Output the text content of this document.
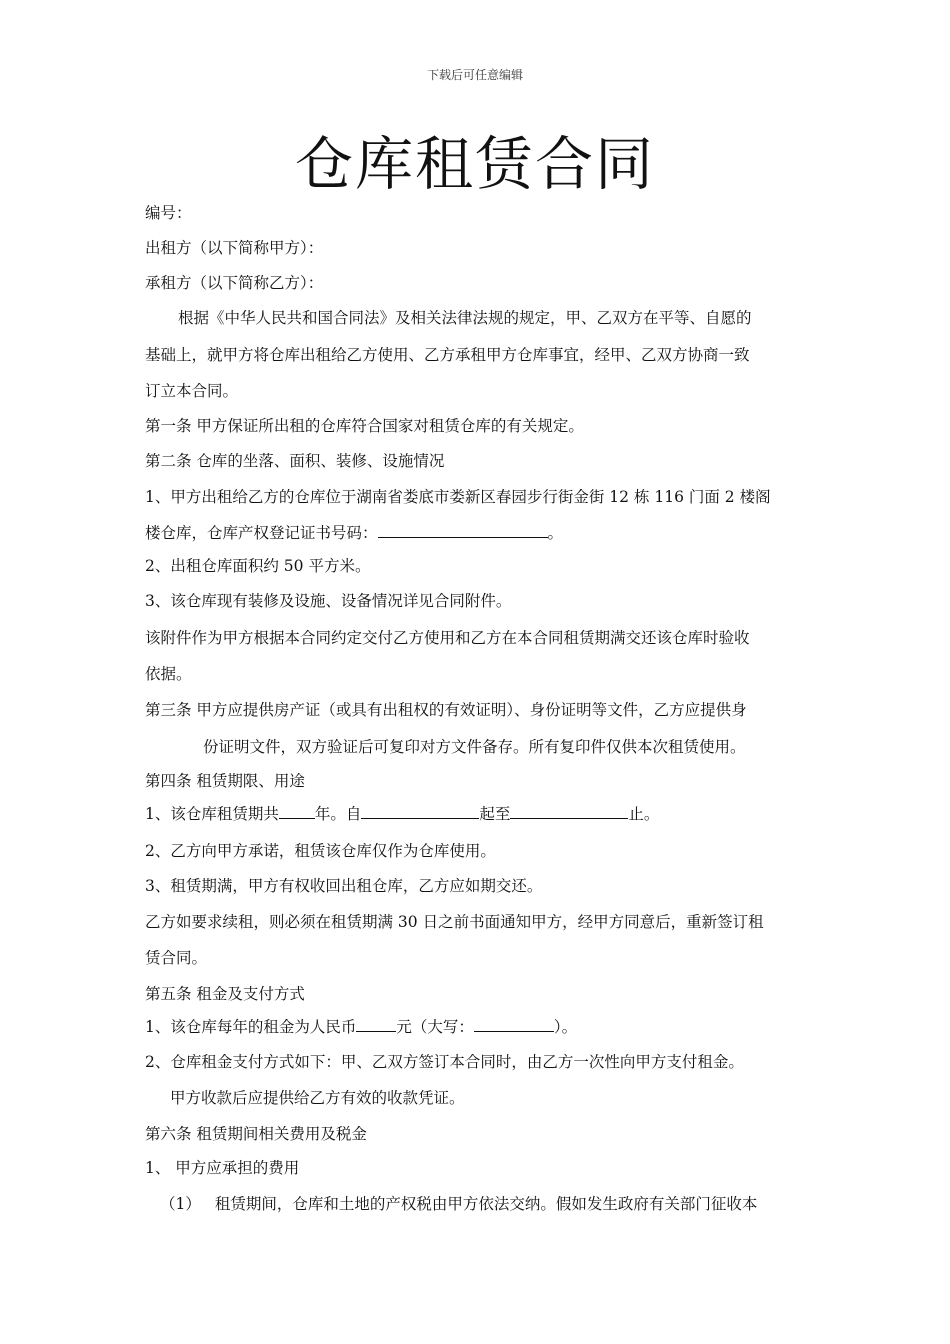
下载后可任意编辑
仓库租赁合同
编号：
出租方（以下简称甲方）：
承租方（以下简称乙方）：
根据《中华人民共和国合同法》及相关法律法规的规定，甲、乙双方在平等、自愿的
基础上，就甲方将仓库出租给乙方使用、乙方承租甲方仓库事宜，经甲、乙双方协商一致
订立本合同。
第一条 甲方保证所出租的仓库符合国家对租赁仓库的有关规定。
第二条 仓库的坐落、面积、装修、设施情况
1、甲方出租给乙方的仓库位于湖南省娄底市娄新区春园步行街金街 12 栋 116 门面 2 楼阁
楼仓库，仓库产权登记证书号码：	。
2、出租仓库面积约 50 平方米。
3、该仓库现有装修及设施、设备情况详见合同附件。
该附件作为甲方根据本合同约定交付乙方使用和乙方在本合同租赁期满交还该仓库时验收
依据。
第三条 甲方应提供房产证（或具有出租权的有效证明）、身份证明等文件，乙方应提供身
份证明文件，双方验证后可复印对方文件备存。所有复印件仅供本次租赁使用。
第四条 租赁期限、用途
1、该仓库租赁期共 年。自	起至	止。
2、乙方向甲方承诺，租赁该仓库仅作为仓库使用。
3、租赁期满，甲方有权收回出租仓库，乙方应如期交还。
乙方如要求续租，则必须在租赁期满 30 日之前书面通知甲方，经甲方同意后，重新签订租
赁合同。
第五条 租金及支付方式
1、该仓库每年的租金为人民币	元（大写：	）。
2、仓库租金支付方式如下：甲、乙双方签订本合同时，由乙方一次性向甲方支付租金。
甲方收款后应提供给乙方有效的收款凭证。
第六条 租赁期间相关费用及税金
1、 甲方应承担的费用
（1） 租赁期间，仓库和土地的产权税由甲方依法交纳。假如发生政府有关部门征收本
